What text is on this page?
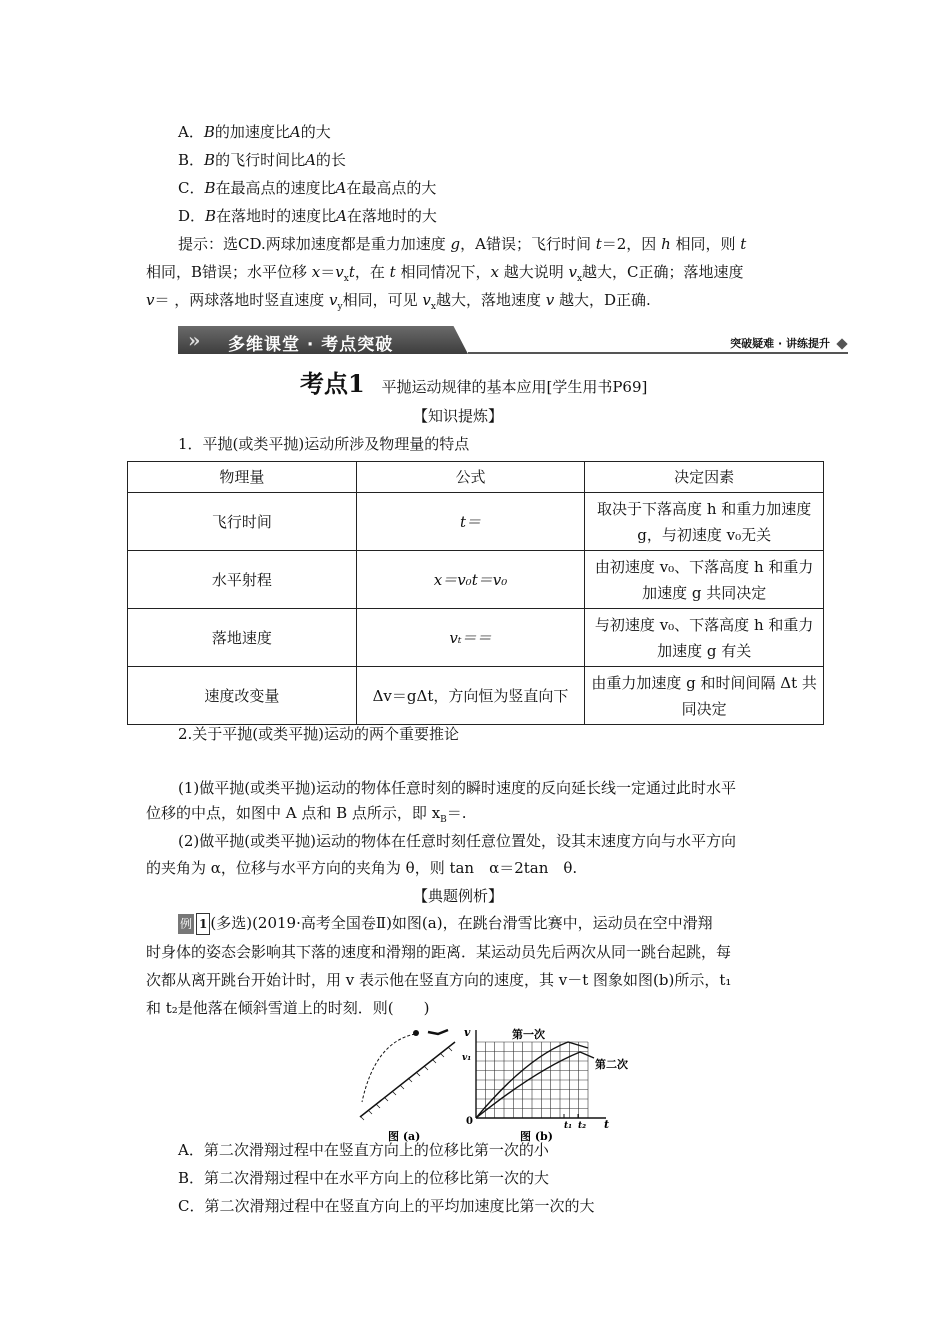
A．B的加速度比A的大
B．B的飞行时间比A的长
C．B在最高点的速度比A在最高点的大
D．B在落地时的速度比A在落地时的大
提示：选CD.两球加速度都是重力加速度 g，A错误；飞行时间 t＝2，因 h 相同，则 t
相同，B错误；水平位移 $x=v_xt$，在 t 相同情况下，x 越大说明 $v_x$越大，C正确；落地速度
v＝ ，两球落地时竖直速度 $v_y$相同，可见 $v_x$越大，落地速度 v 越大，D正确.
» 多维课堂 · 考点突破	突破疑难 · 讲练提升
考点1 平抛运动规律的基本应用[学生用书P69]
【知识提炼】
1．平抛(或类平抛)运动所涉及物理量的特点
物理量	公式	决定因素
飞行时间	t＝	取决于下落高度 h 和重力加速度 g，与初速度 v₀无关
水平射程	x＝v₀t＝v₀	由初速度 v₀、下落高度 h 和重力加速度 g 共同决定
落地速度	vₜ＝＝	与初速度 v₀、下落高度 h 和重力加速度 g 有关
速度改变量	Δv＝gΔt，方向恒为竖直向下	由重力加速度 g 和时间间隔 Δt 共同决定
2.关于平抛(或类平抛)运动的两个重要推论
(1)做平抛(或类平抛)运动的物体任意时刻的瞬时速度的反向延长线一定通过此时水平
位移的中点，如图中 A 点和 B 点所示，即 $x_B=$.
(2)做平抛(或类平抛)运动的物体在任意时刻任意位置处，设其末速度方向与水平方向
的夹角为 α，位移与水平方向的夹角为 θ，则 tan　α＝2tan　θ.
【典题例析】
例 1 (多选)(2019·高考全国卷Ⅱ)如图(a)，在跳台滑雪比赛中，运动员在空中滑翔
时身体的姿态会影响其下落的速度和滑翔的距离．某运动员先后两次从同一跳台起跳，每
次都从离开跳台开始计时，用 v 表示他在竖直方向的速度，其 v－t 图象如图(b)所示，t₁
和 t₂是他落在倾斜雪道上的时刻．则(　　)
图 (a)	图 (b)
v
t
0
v₁
t₁ t₂
第一次
第二次
A．第二次滑翔过程中在竖直方向上的位移比第一次的小
B．第二次滑翔过程中在水平方向上的位移比第一次的大
C．第二次滑翔过程中在竖直方向上的平均加速度比第一次的大
